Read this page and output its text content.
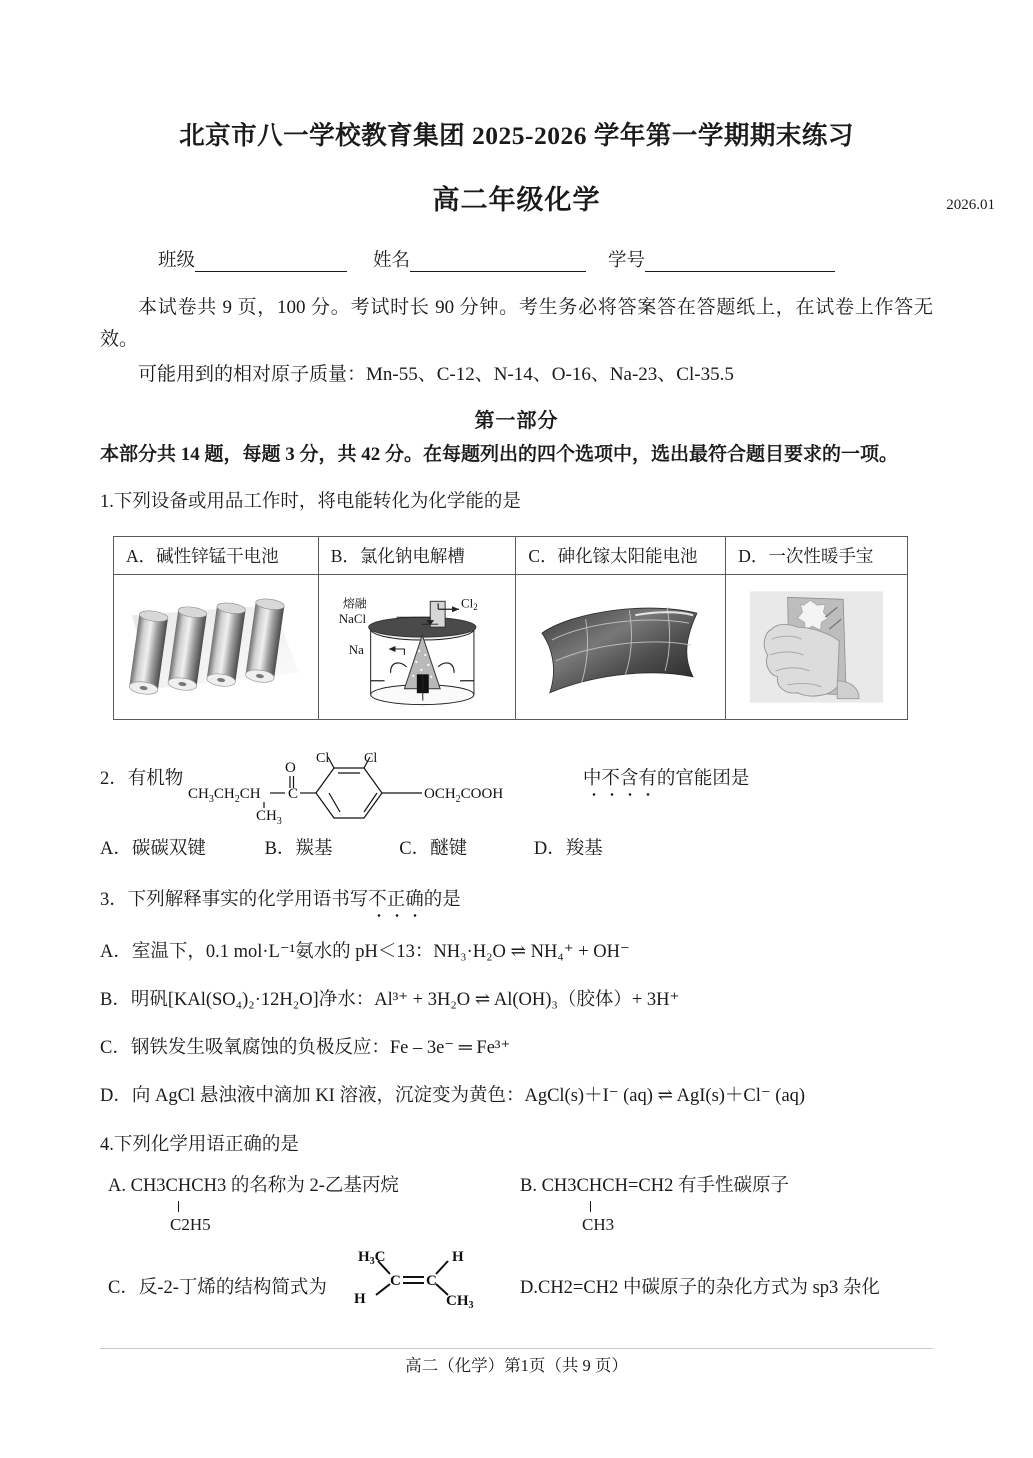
北京市八一学校教育集团 2025-2026 学年第一学期期末练习
高二年级化学	2026.01
班级	姓名	学号
本试卷共 9 页，100 分。考试时长 90 分钟。考生务必将答案答在答题纸上，在试卷上作答无效。
可能用到的相对原子质量：Mn-55、C-12、N-14、O-16、Na-23、Cl-35.5
第一部分
本部分共 14 题，每题 3 分，共 42 分。在每题列出的四个选项中，选出最符合题目要求的一项。
1.下列设备或用品工作时，将电能转化为化学能的是
A．碱性锌锰干电池	B．氯化钠电解槽	C．砷化镓太阳能电池	D．一次性暖手宝

熔融
NaCl
$Cl_2$
Na

2．有机物
$CH_3CH_2CH$
$CH_3$
C
O
$OCH_2COOH$
Cl Cl
中不含有的官能团是
A．碳碳双键	B．羰基	C．醚键	D．羧基
3．下列解释事实的化学用语书写不正确的是
A．室温下，0.1 mol·L⁻¹氨水的 pH＜13：NH₃·H₂O ⇌ NH₄⁺ + OH⁻
B．明矾[KAl(SO₄)₂·12H₂O]净水：Al³⁺ + 3H₂O ⇌ Al(OH)₃（胶体）+ 3H⁺
C．钢铁发生吸氧腐蚀的负极反应：Fe – 3e⁻ ═ Fe³⁺
D．向 AgCl 悬浊液中滴加 KI 溶液，沉淀变为黄色：AgCl(s)＋I⁻ (aq) ⇌ AgI(s)＋Cl⁻ (aq)
4.下列化学用语正确的是
A. CH3CHCH3 的名称为 2-乙基丙烷
C2H5
B. CH3CHCH=CH2 有手性碳原子
CH3
C．反-2-丁烯的结构简式为
$H_3C$	H
H	$CH_3$
C C	D.CH2=CH2 中碳原子的杂化方式为 sp3 杂化
高二（化学）第1页（共 9 页）
